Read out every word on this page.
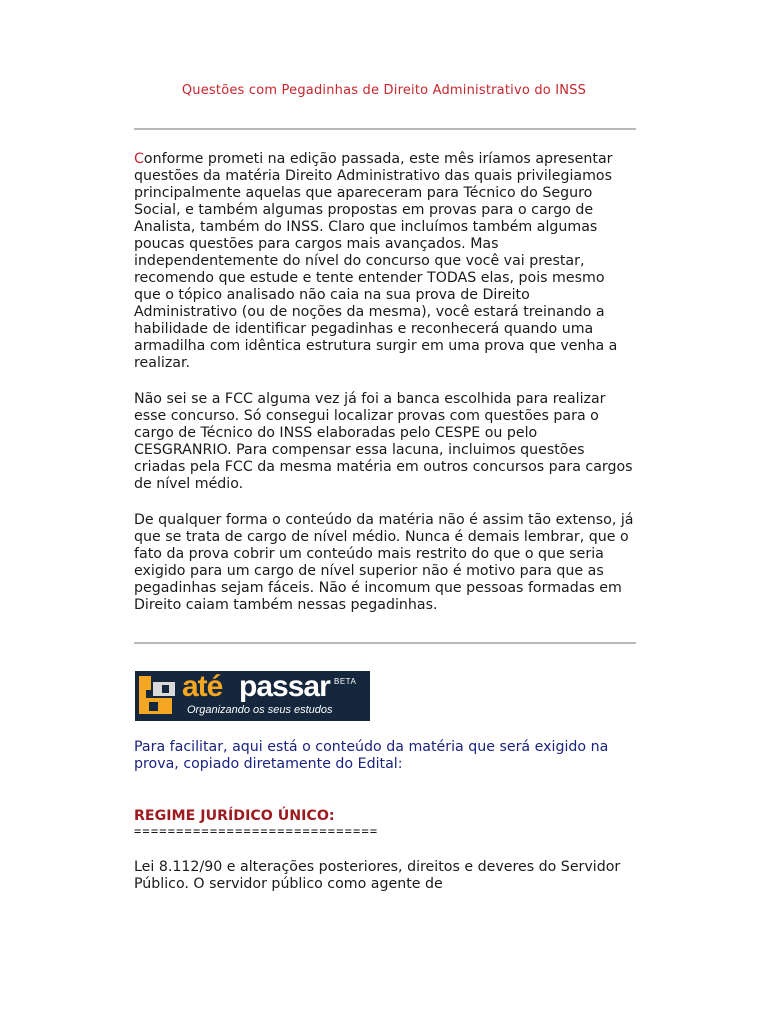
Questões com Pegadinhas de Direito Administrativo do INSS
Conforme prometi na edição passada, este mês iríamos apresentar questões da matéria Direito Administrativo das quais privilegiamos principalmente aquelas que apareceram para Técnico do Seguro Social, e também algumas propostas em provas para o cargo de Analista, também do INSS. Claro que incluímos também algumas poucas questões para cargos mais avançados. Mas independentemente do nível do concurso que você vai prestar, recomendo que estude e tente entender TODAS elas, pois mesmo que o tópico analisado não caia na sua prova de Direito Administrativo (ou de noções da mesma), você estará treinando a habilidade de identificar pegadinhas e reconhecerá quando uma armadilha com idêntica estrutura surgir em uma prova que venha a realizar.
Não sei se a FCC alguma vez já foi a banca escolhida para realizar esse concurso. Só consegui localizar provas com questões para o cargo de Técnico do INSS elaboradas pelo CESPE ou pelo CESGRANRIO. Para compensar essa lacuna, incluimos questões criadas pela FCC da mesma matéria em outros concursos para cargos de nível médio.
De qualquer forma o conteúdo da matéria não é assim tão extenso, já que se trata de cargo de nível médio. Nunca é demais lembrar, que o fato da prova cobrir um conteúdo mais restrito do que o que seria exigido para um cargo de nível superior não é motivo para que as pegadinhas sejam fáceis. Não é incomum que pessoas formadas em Direito caiam também nessas pegadinhas.
até passar BETA
Organizando os seus estudos
Para facilitar, aqui está o conteúdo da matéria que será exigido na prova, copiado diretamente do Edital:
REGIME JURÍDICO ÚNICO:
=============================
Lei 8.112/90 e alterações posteriores, direitos e deveres do Servidor Público. O servidor público como agente de
